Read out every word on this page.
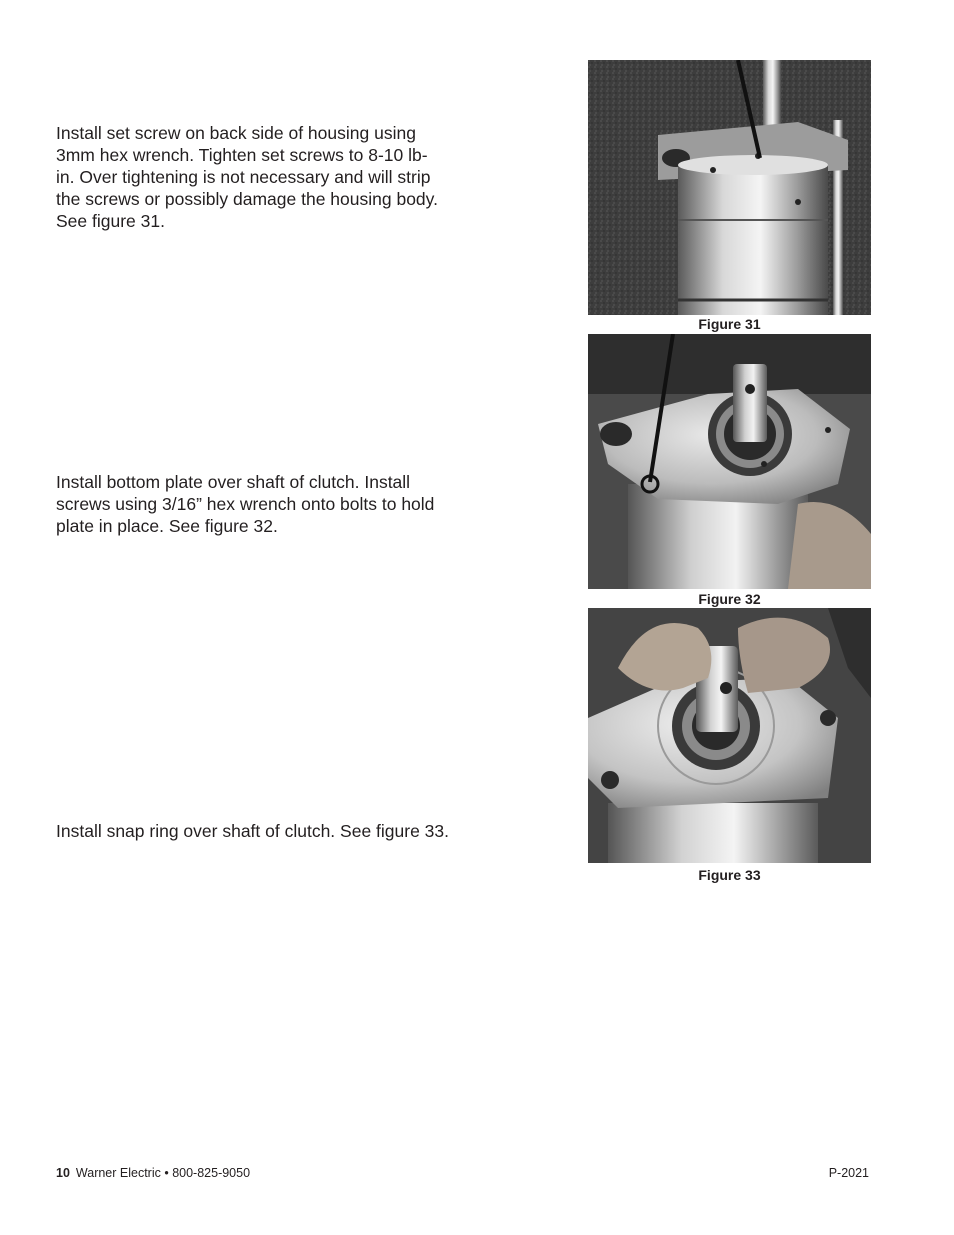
Install set screw on back side of housing using
3mm hex wrench. Tighten set screws to 8-10 lb-
in. Over tightening is not necessary and will strip
the screws or possibly damage the housing body.
See figure 31.

Install bottom plate over shaft of clutch. Install
screws using 3/16” hex wrench onto bolts to hold
plate in place. See figure 32.

Install snap ring over shaft of clutch. See figure 33.

Figure 31
Figure 32
Figure 33
10 Warner Electric • 800-825-9050	P-2021
